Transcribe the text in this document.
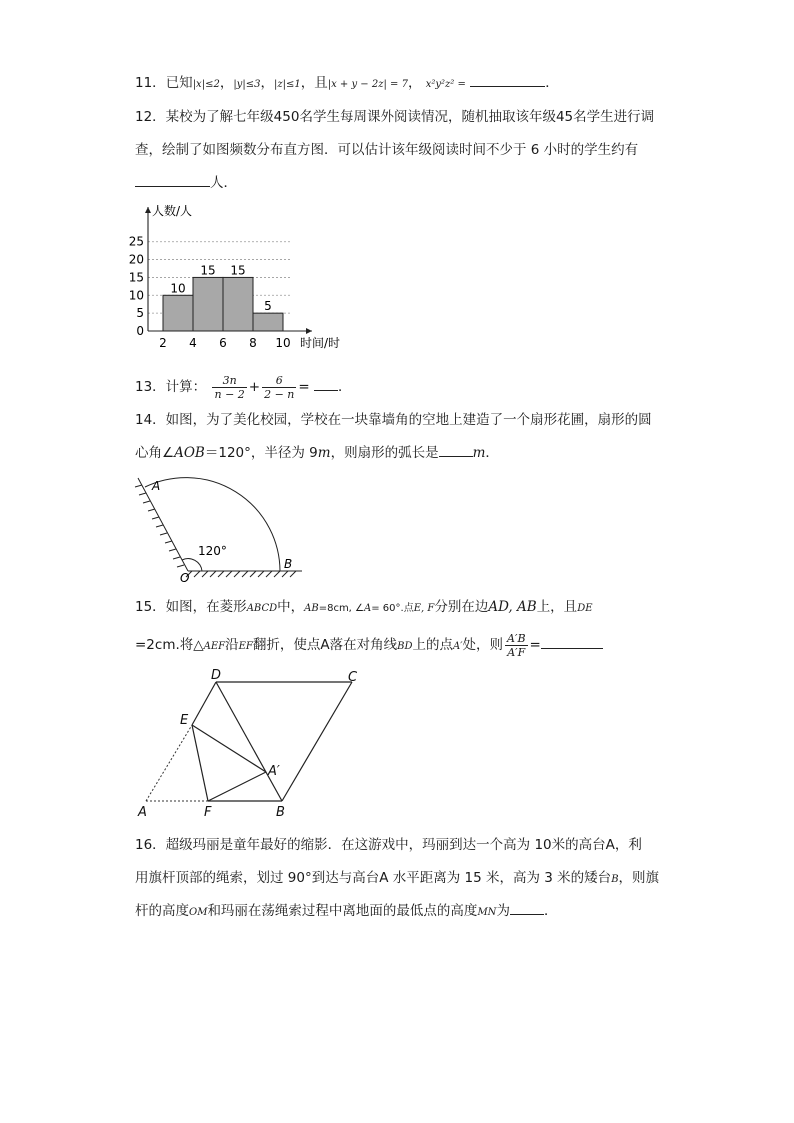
11．已知|x|≤2，|y|≤3，|z|≤1，且|x + y − 2z| = 7， x²y²z² =	．
12．某校为了解七年级450名学生每周课外阅读情况，随机抽取该年级45名学生进行调
查，绘制了如图频数分布直方图．可以估计该年级阅读时间不少于 6 小时的学生约有
人．
10
15 15
5
0
5
10
15
20
25
2 4 6 8 10
人数/人
时间/时
13．计算： $\frac{3n}{n - 2} + \frac{6}{2 - n}$ = ．
14．如图，为了美化校园，学校在一块靠墙角的空地上建造了一个扇形花圃，扇形的圆
心角∠AOB＝120°，半径为 9m，则扇形的弧长是	m．
A
O
B
120°
15．如图，在菱形ABCD中，AB=8cm, ∠A= 60°.点E, F分别在边AD, AB上，且DE
=2cm.将△AEF沿EF翻折，使点A落在对角线BD上的点A′处，则 $\frac{A'B}{A'F}$ =
D	C
E
A′
A	F	B
16．超级玛丽是童年最好的缩影．在这游戏中，玛丽到达一个高为 10米的高台A，利
用旗杆顶部的绳索，划过 90°到达与高台A 水平距离为 15 米，高为 3 米的矮台B，则旗
杆的高度OM和玛丽在荡绳索过程中离地面的最低点的高度MN为	．
